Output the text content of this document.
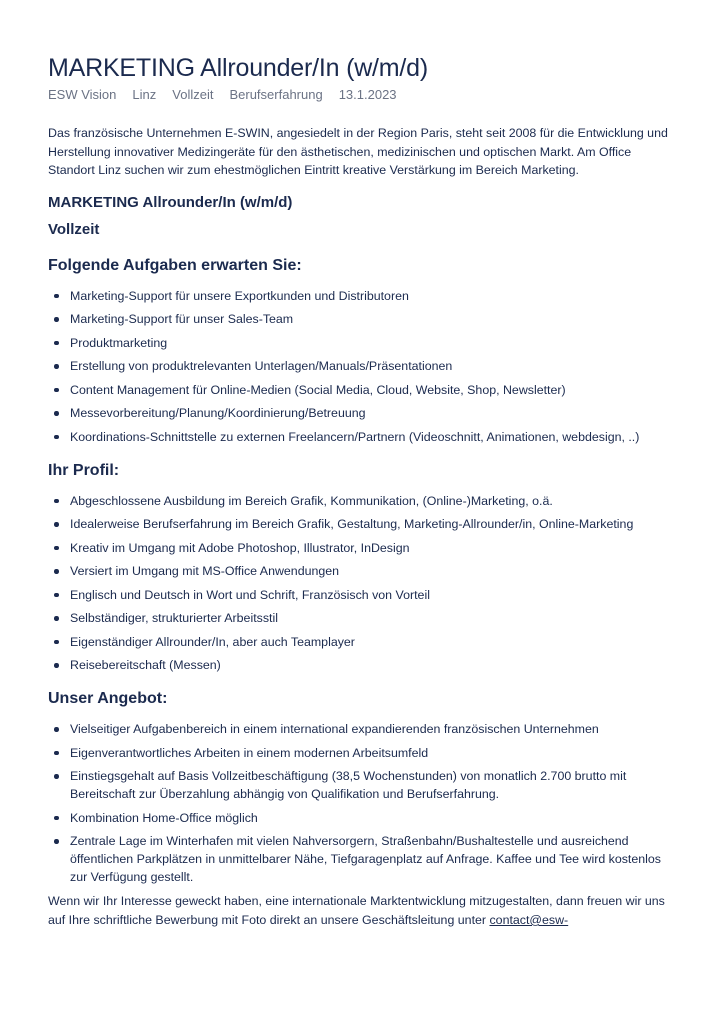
MARKETING Allrounder/In (w/m/d)
ESW Vision Linz Vollzeit Berufserfahrung 13.1.2023

Das französische Unternehmen E-SWIN, angesiedelt in der Region Paris, steht seit 2008 für die Entwicklung und Herstellung innovativer Medizingeräte für den ästhetischen, medizinischen und optischen Markt. Am Office Standort Linz suchen wir zum ehestmöglichen Eintritt kreative Verstärkung im Bereich Marketing.

MARKETING Allrounder/In (w/m/d)
Vollzeit
Folgende Aufgaben erwarten Sie:
Marketing-Support für unsere Exportkunden und Distributoren
Marketing-Support für unser Sales-Team
Produktmarketing
Erstellung von produktrelevanten Unterlagen/Manuals/Präsentationen
Content Management für Online-Medien (Social Media, Cloud, Website, Shop, Newsletter)
Messevorbereitung/Planung/Koordinierung/Betreuung
Koordinations-Schnittstelle zu externen Freelancern/Partnern (Videoschnitt, Animationen, webdesign, ..)
Ihr Profil:
Abgeschlossene Ausbildung im Bereich Grafik, Kommunikation, (Online-)Marketing, o.ä.
Idealerweise Berufserfahrung im Bereich Grafik, Gestaltung, Marketing-Allrounder/in, Online-Marketing
Kreativ im Umgang mit Adobe Photoshop, Illustrator, InDesign
Versiert im Umgang mit MS-Office Anwendungen
Englisch und Deutsch in Wort und Schrift, Französisch von Vorteil
Selbständiger, strukturierter Arbeitsstil
Eigenständiger Allrounder/In, aber auch Teamplayer
Reisebereitschaft (Messen)
Unser Angebot:
Vielseitiger Aufgabenbereich in einem international expandierenden französischen Unternehmen
Eigenverantwortliches Arbeiten in einem modernen Arbeitsumfeld
Einstiegsgehalt auf Basis Vollzeitbeschäftigung (38,5 Wochenstunden) von monatlich 2.700 brutto mit Bereitschaft zur Überzahlung abhängig von Qualifikation und Berufserfahrung.
Kombination Home-Office möglich
Zentrale Lage im Winterhafen mit vielen Nahversorgern, Straßenbahn/Bushaltestelle und ausreichend öffentlichen Parkplätzen in unmittelbarer Nähe, Tiefgaragenplatz auf Anfrage. Kaffee und Tee wird kostenlos zur Verfügung gestellt.

Wenn wir Ihr Interesse geweckt haben, eine internationale Marktentwicklung mitzugestalten, dann freuen wir uns auf Ihre schriftliche Bewerbung mit Foto direkt an unsere Geschäftsleitung unter contact@esw-
